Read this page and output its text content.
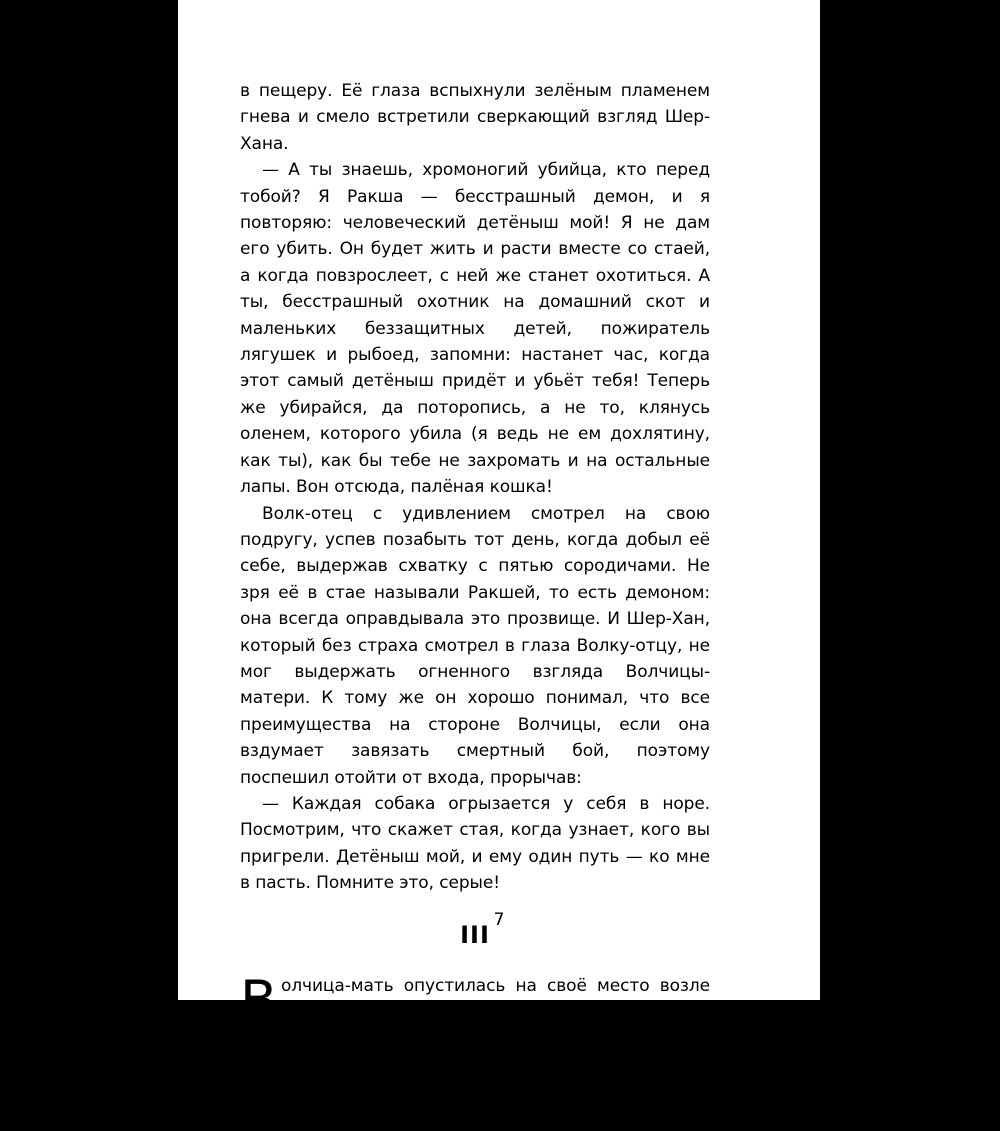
в пещеру. Её глаза вспыхнули зелёным пламенем гнева и смело встретили сверкающий взгляд Шер-Хана.

— А ты знаешь, хромоногий убийца, кто перед тобой? Я Ракша — бесстрашный демон, и я повторяю: человеческий детёныш мой! Я не дам его убить. Он будет жить и расти вместе со стаей, а когда повзрослеет, с ней же станет охотиться. А ты, бесстрашный охотник на домашний скот и маленьких беззащитных детей, пожиратель лягушек и рыбоед, запомни: настанет час, когда этот самый детёныш придёт и убьёт тебя! Теперь же убирайся, да поторопись, а не то, клянусь оленем, которого убила (я ведь не ем дохлятину, как ты), как бы тебе не захромать и на остальные лапы. Вон отсюда, палёная кошка!

Волк-отец с удивлением смотрел на свою подругу, успев позабыть тот день, когда добыл её себе, выдержав схватку с пятью сородичами. Не зря её в стае называли Ракшей, то есть демоном: она всегда оправдывала это прозвище. И Шер-Хан, который без страха смотрел в глаза Волку-отцу, не мог выдержать огненного взгляда Волчицы-матери. К тому же он хорошо понимал, что все преимущества на стороне Волчицы, если она вздумает завязать смертный бой, поэтому поспешил отойти от входа, прорычав:

— Каждая собака огрызается у себя в норе. Посмотрим, что скажет стая, когда узнает, кого вы пригрели. Детёныш мой, и ему один путь — ко мне в пасть. Помните это, серые!

III

Волчица-мать опустилась на своё место возле детёнышей, порыкивая в негодовании, а Волк-отец серьёзно заметил:

— Шер-Хан на сей раз прав: детёныша придётся показать стае. А ты что, надумала держать его при себе?

7
